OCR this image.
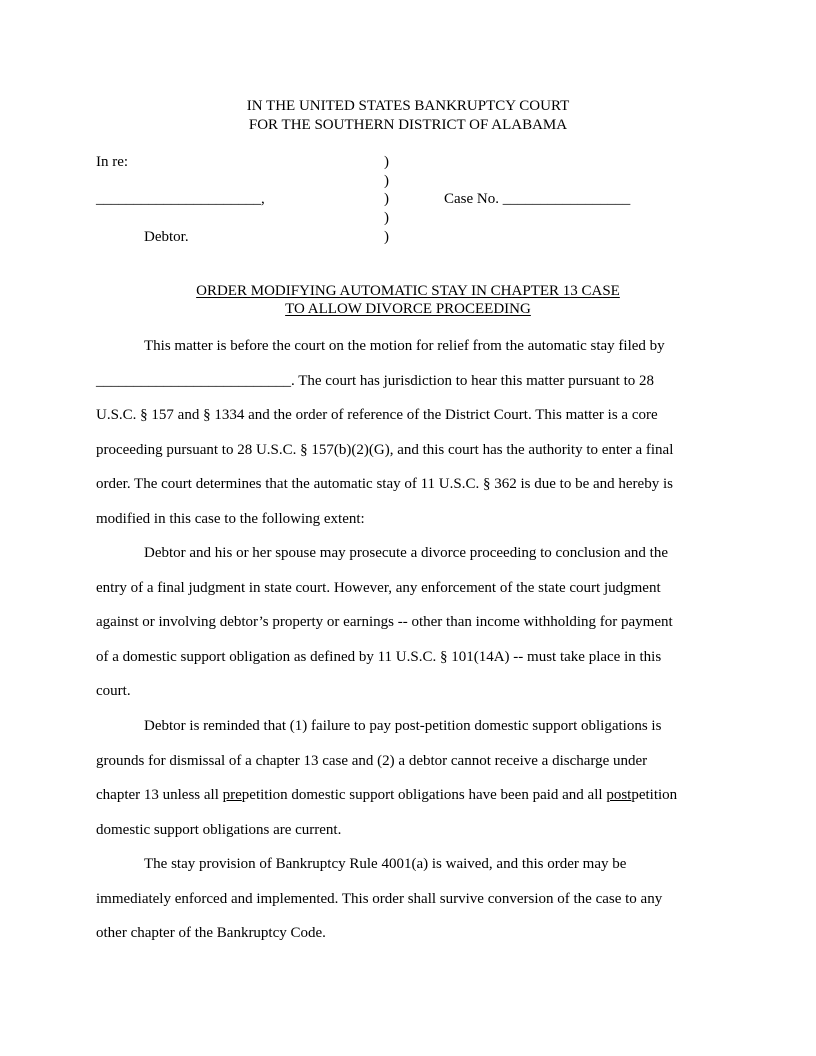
IN THE UNITED STATES BANKRUPTCY COURT
FOR THE SOUTHERN DISTRICT OF ALABAMA
In re:
______________________,
Debtor.
)
)
)
)
)
Case No. _________________
ORDER MODIFYING AUTOMATIC STAY IN CHAPTER 13 CASE
TO ALLOW DIVORCE PROCEEDING
This matter is before the court on the motion for relief from the automatic stay filed by
__________________________. The court has jurisdiction to hear this matter pursuant to 28
U.S.C. § 157 and § 1334 and the order of reference of the District Court. This matter is a core
proceeding pursuant to 28 U.S.C. § 157(b)(2)(G), and this court has the authority to enter a final
order. The court determines that the automatic stay of 11 U.S.C. § 362 is due to be and hereby is
modified in this case to the following extent:
Debtor and his or her spouse may prosecute a divorce proceeding to conclusion and the
entry of a final judgment in state court. However, any enforcement of the state court judgment
against or involving debtor’s property or earnings -- other than income withholding for payment
of a domestic support obligation as defined by 11 U.S.C. § 101(14A) -- must take place in this
court.
Debtor is reminded that (1) failure to pay post-petition domestic support obligations is
grounds for dismissal of a chapter 13 case and (2) a debtor cannot receive a discharge under
chapter 13 unless all prepetition domestic support obligations have been paid and all postpetition
domestic support obligations are current.
The stay provision of Bankruptcy Rule 4001(a) is waived, and this order may be
immediately enforced and implemented. This order shall survive conversion of the case to any
other chapter of the Bankruptcy Code.
